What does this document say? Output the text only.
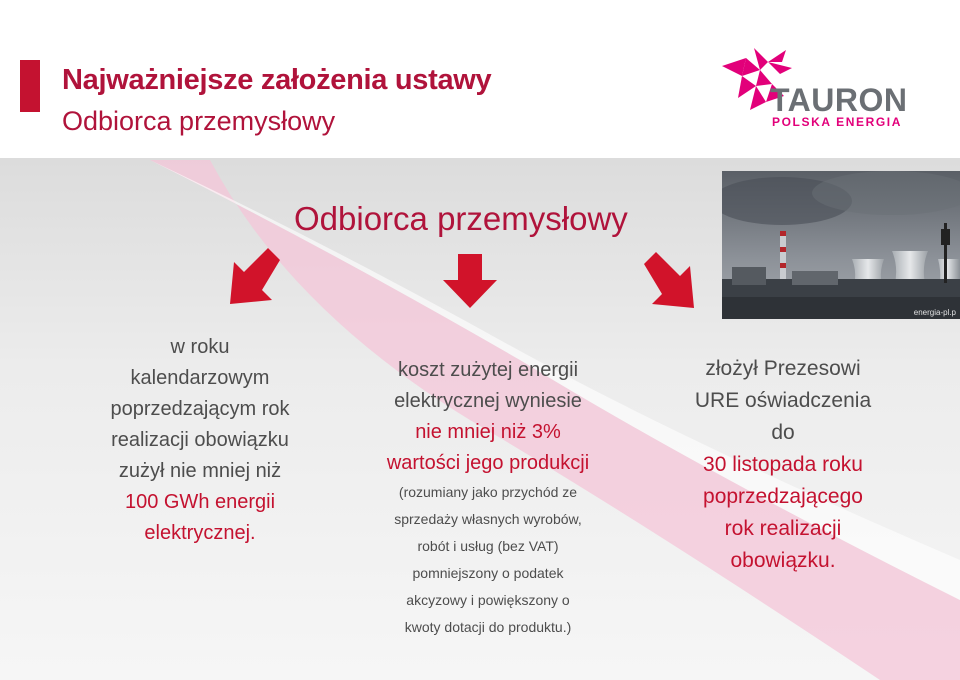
Najważniejsze założenia ustawy
Odbiorca przemysłowy
TAURON
POLSKA ENERGIA
energia-pl.p
Odbiorca przemysłowy
w roku
kalendarzowym
poprzedzającym rok
realizacji obowiązku
zużył nie mniej niż
100 GWh energii
elektrycznej.
koszt zużytej energii
elektrycznej wyniesie
nie mniej niż 3%
wartości jego produkcji
(rozumiany jako przychód ze
sprzedaży własnych wyrobów,
robót i usług (bez VAT)
pomniejszony o podatek
akcyzowy i powiększony o
kwoty dotacji do produktu.)
złożył Prezesowi
URE oświadczenia
do
30 listopada roku
poprzedzającego
rok realizacji
obowiązku.
